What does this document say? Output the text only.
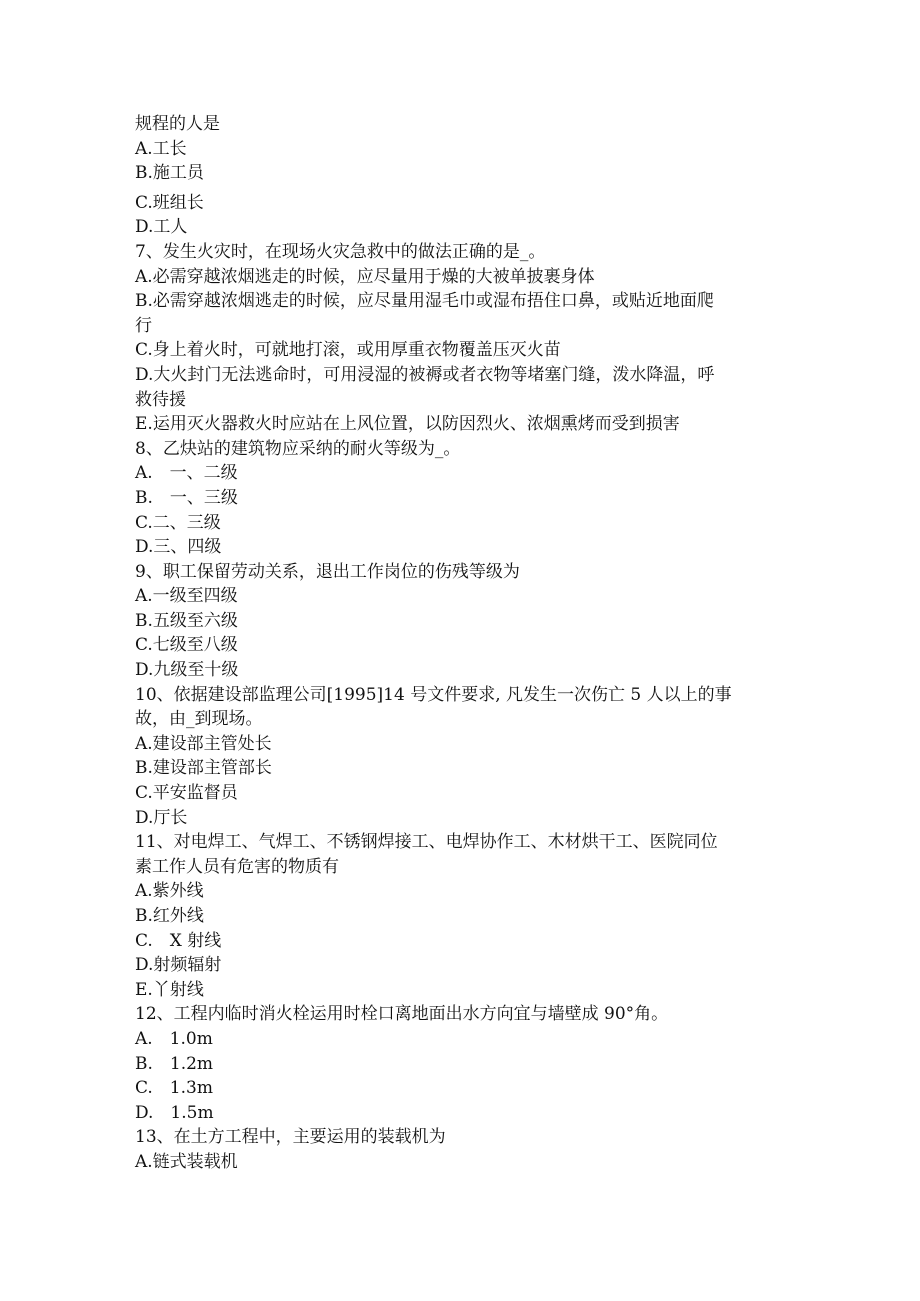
规程的人是
A.工长
B.施工员
C.班组长
D.工人
7、发生火灾时，在现场火灾急救中的做法正确的是_。
A.必需穿越浓烟逃走的时候，应尽量用于燥的大被单披裹身体
B.必需穿越浓烟逃走的时候，应尽量用湿毛巾或湿布捂住口鼻，或贴近地面爬
行
C.身上着火时，可就地打滚，或用厚重衣物覆盖压灭火苗
D.大火封门无法逃命时，可用浸湿的被褥或者衣物等堵塞门缝，泼水降温，呼
救待援
E.运用灭火器救火时应站在上风位置，以防因烈火、浓烟熏烤而受到损害
8、乙炔站的建筑物应采纳的耐火等级为_。
A.　一、二级
B.　一、三级
C.二、三级
D.三、四级
9、职工保留劳动关系，退出工作岗位的伤残等级为
A.一级至四级
B.五级至六级
C.七级至八级
D.九级至十级
10、依据建设部监理公司[1995]14 号文件要求, 凡发生一次伤亡 5 人以上的事
故，由_到现场。
A.建设部主管处长
B.建设部主管部长
C.平安监督员
D.厅长
11、对电焊工、气焊工、不锈钢焊接工、电焊协作工、木材烘干工、医院同位
素工作人员有危害的物质有
A.紫外线
B.红外线
C.　X 射线
D.射频辐射
E.丫射线
12、工程内临时消火栓运用时栓口离地面出水方向宜与墙壁成 90°角。
A.　1.0m
B.　1.2m
C.　1.3m
D.　1.5m
13、在土方工程中，主要运用的装载机为
A.链式装载机
